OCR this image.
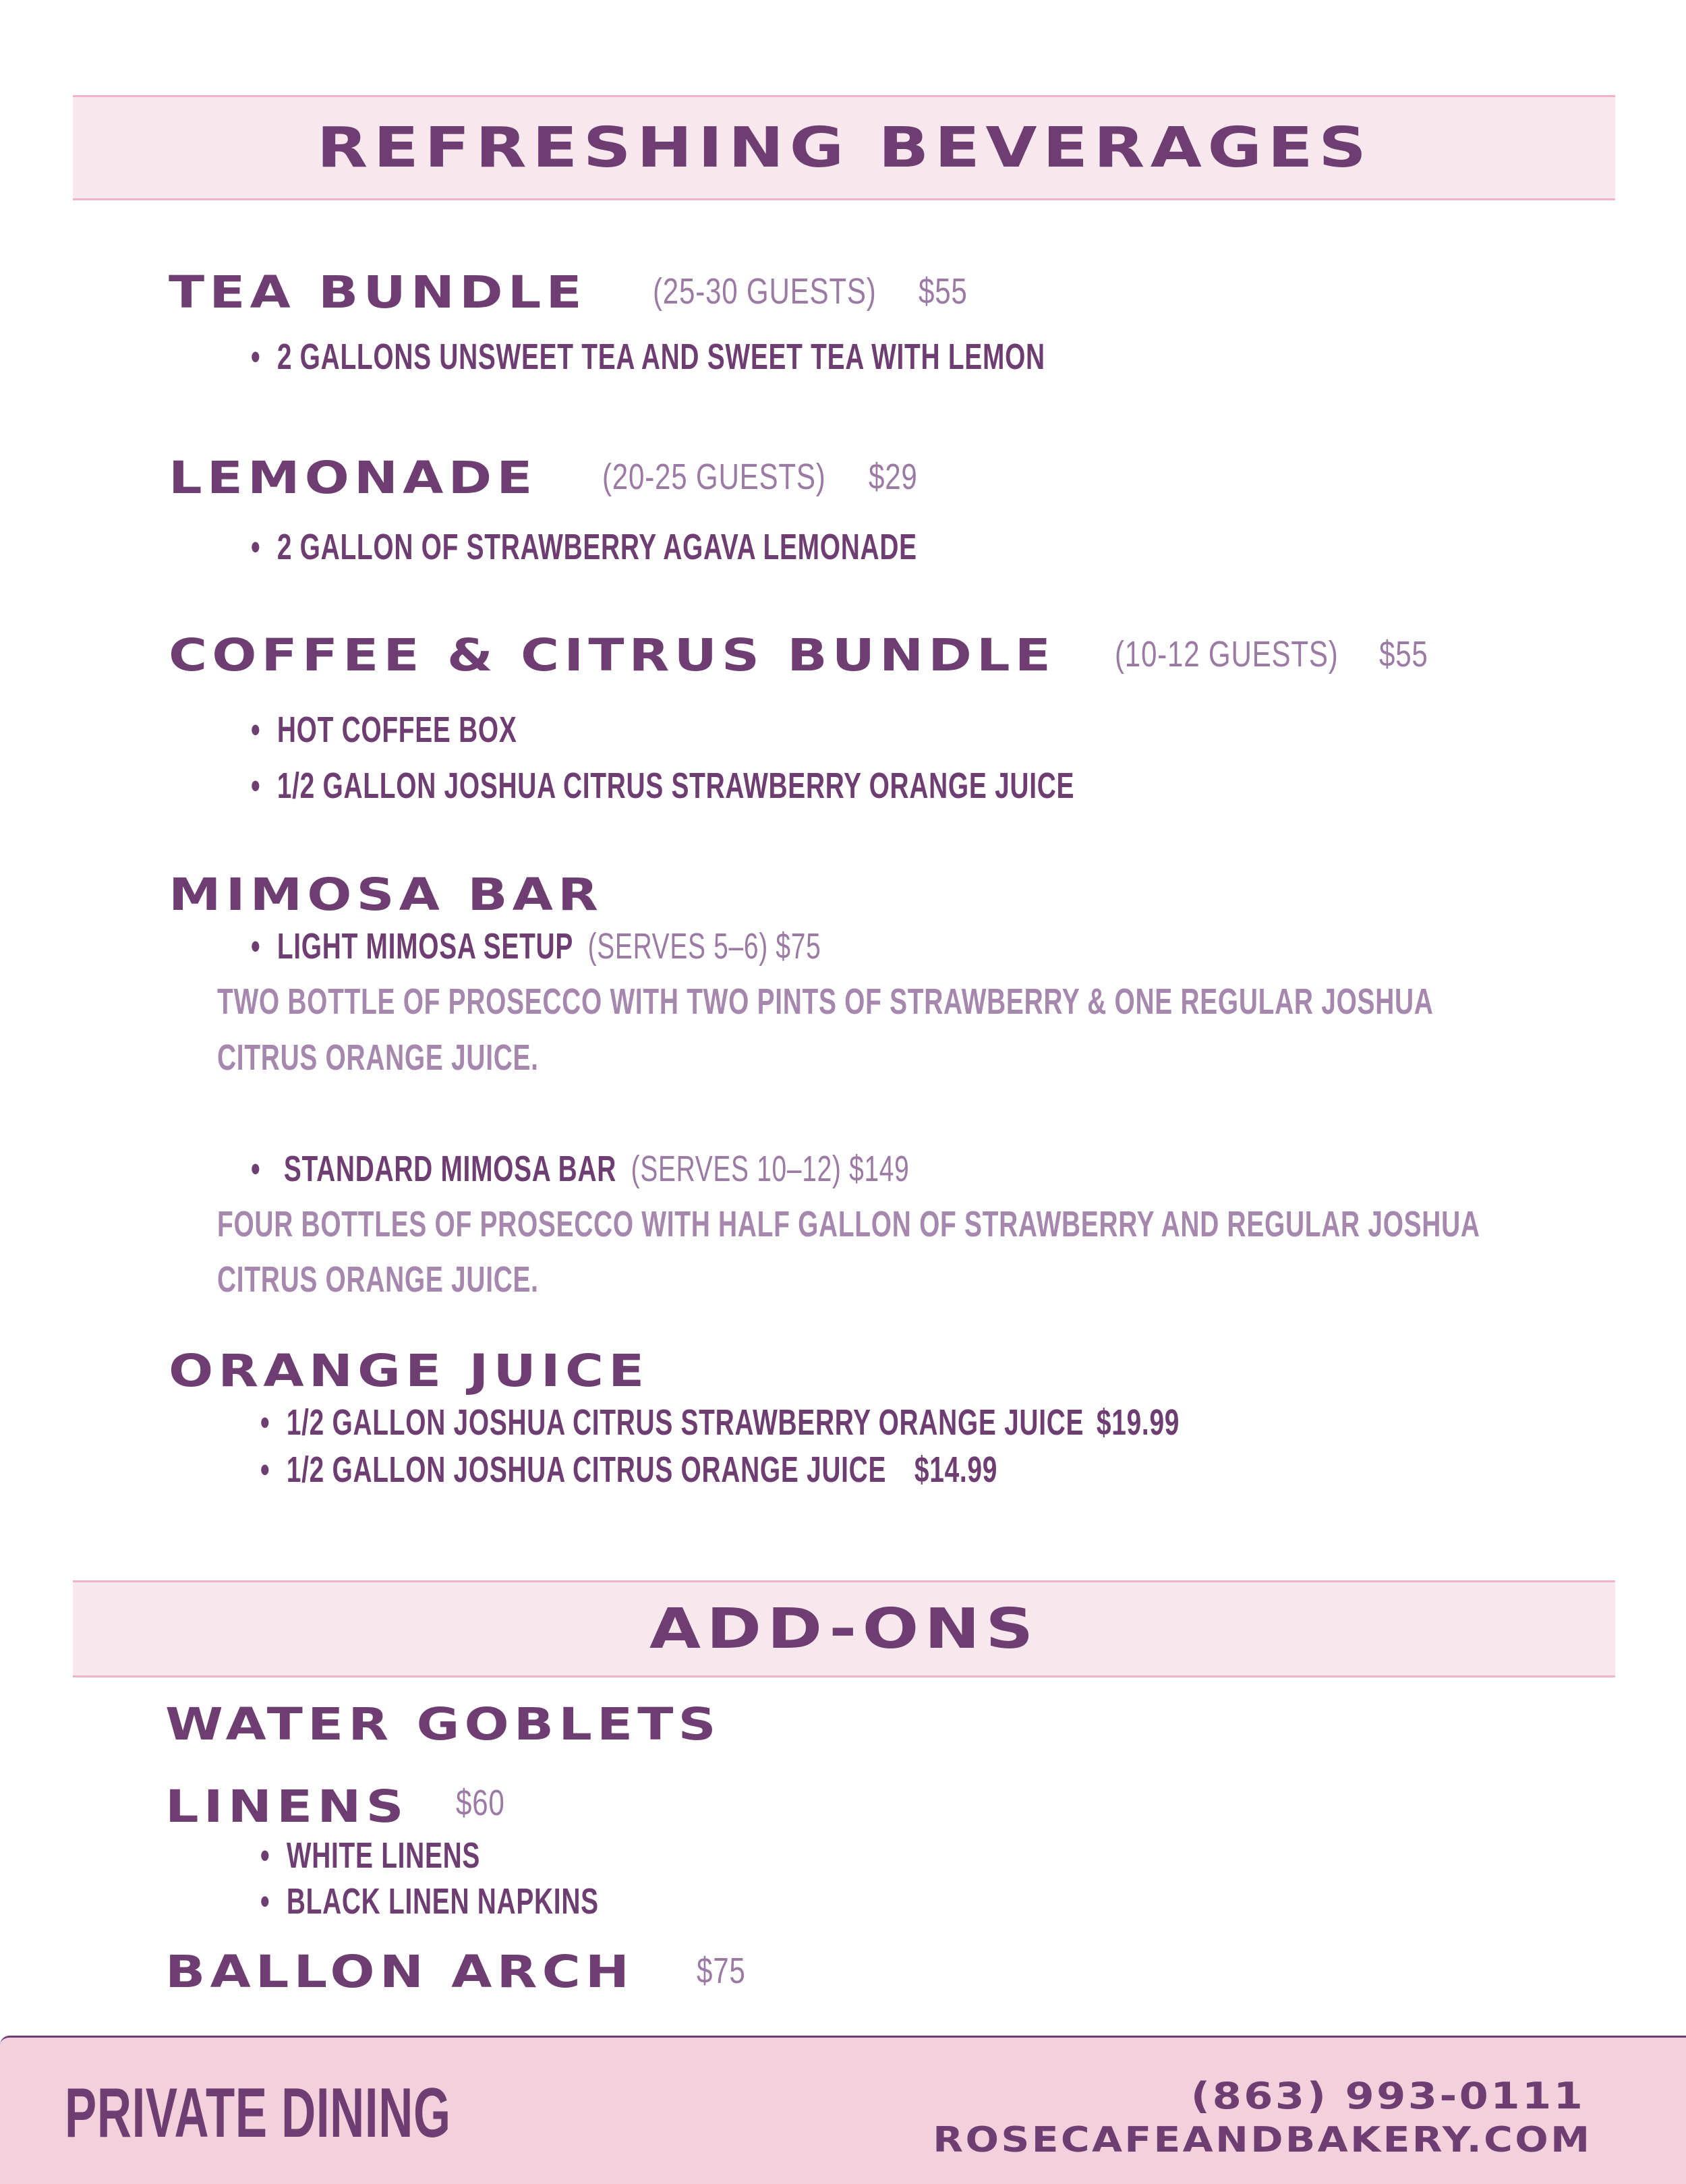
REFRESHING BEVERAGES
TEA BUNDLE (25-30 GUESTS) $55
• 2 GALLONS UNSWEET TEA AND SWEET TEA WITH LEMON
LEMONADE (20-25 GUESTS) $29
• 2 GALLON OF STRAWBERRY AGAVA LEMONADE
COFFEE & CITRUS BUNDLE (10-12 GUESTS) $55
• HOT COFFEE BOX
• 1/2 GALLON JOSHUA CITRUS STRAWBERRY ORANGE JUICE
MIMOSA BAR
• LIGHT MIMOSA SETUP (SERVES 5–6) $75
TWO BOTTLE OF PROSECCO WITH TWO PINTS OF STRAWBERRY & ONE REGULAR JOSHUA
CITRUS ORANGE JUICE.
• STANDARD MIMOSA BAR (SERVES 10–12) $149
FOUR BOTTLES OF PROSECCO WITH HALF GALLON OF STRAWBERRY AND REGULAR JOSHUA
CITRUS ORANGE JUICE.
ORANGE JUICE
• 1/2 GALLON JOSHUA CITRUS STRAWBERRY ORANGE JUICE $19.99
• 1/2 GALLON JOSHUA CITRUS ORANGE JUICE $14.99
ADD-ONS
WATER GOBLETS
LINENS $60
• WHITE LINENS
• BLACK LINEN NAPKINS
BALLON ARCH $75
PRIVATE DINING	(863) 993-0111
ROSECAFEANDBAKERY.COM
